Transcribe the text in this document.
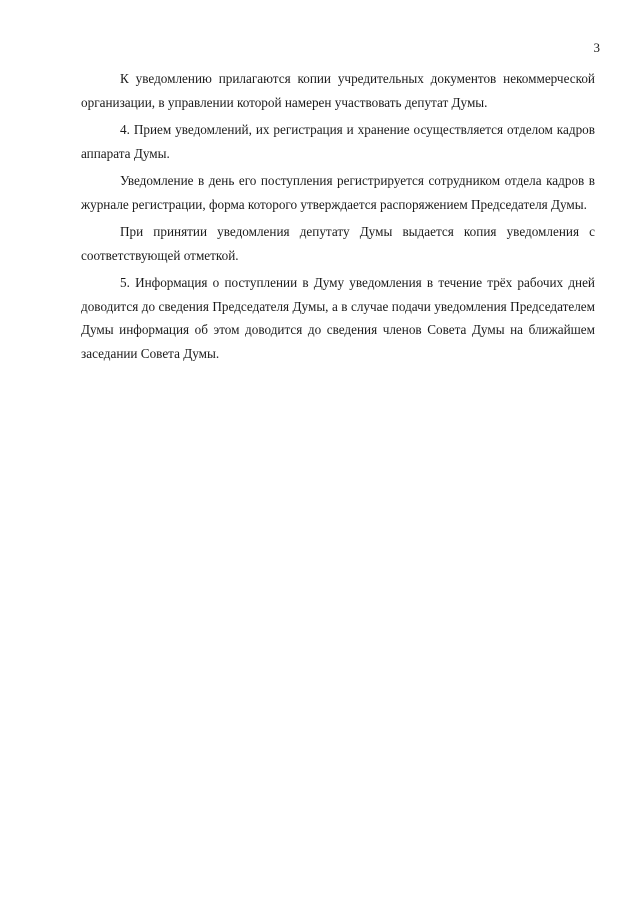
3

К уведомлению прилагаются копии учредительных документов некоммерческой организации, в управлении которой намерен участвовать депутат Думы.

4. Прием уведомлений, их регистрация и хранение осуществляется отделом кадров аппарата Думы.

Уведомление в день его поступления регистрируется сотрудником отдела кадров в журнале регистрации, форма которого утверждается распоряжением Председателя Думы.

При принятии уведомления депутату Думы выдается копия уведомления с соответствующей отметкой.

5. Информация о поступлении в Думу уведомления в течение трёх рабочих дней доводится до сведения Председателя Думы, а в случае подачи уведомления Председателем Думы информация об этом доводится до сведения членов Совета Думы на ближайшем заседании Совета Думы.
